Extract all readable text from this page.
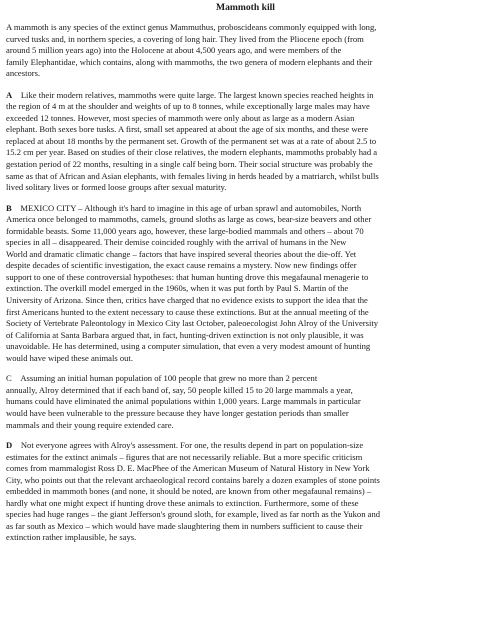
Mammoth kill
A mammoth is any species of the extinct genus Mammuthus, proboscideans commonly equipped with long,
curved tusks and, in northern species, a covering of long hair. They lived from the Pliocene epoch (from
around 5 million years ago) into the Holocene at about 4,500 years ago, and were members of the
family Elephantidae, which contains, along with mammoths, the two genera of modern elephants and their
ancestors.
A  Like their modern relatives, mammoths were quite large. The largest known species reached heights in
the region of 4 m at the shoulder and weights of up to 8 tonnes, while exceptionally large males may have
exceeded 12 tonnes. However, most species of mammoth were only about as large as a modern Asian
elephant. Both sexes bore tusks. A first, small set appeared at about the age of six months, and these were
replaced at about 18 months by the permanent set. Growth of the permanent set was at a rate of about 2.5 to
15.2 cm per year. Based on studies of their close relatives, the modern elephants, mammoths probably had a
gestation period of 22 months, resulting in a single calf being born. Their social structure was probably the
same as that of African and Asian elephants, with females living in herds headed by a matriarch, whilst bulls
lived solitary lives or formed loose groups after sexual maturity.
B  MEXICO CITY – Although it's hard to imagine in this age of urban sprawl and automobiles, North
America once belonged to mammoths, camels, ground sloths as large as cows, bear-size beavers and other
formidable beasts. Some 11,000 years ago, however, these large-bodied mammals and others – about 70
species in all – disappeared. Their demise coincided roughly with the arrival of humans in the New
World and dramatic climatic change – factors that have inspired several theories about the die-off. Yet
despite decades of scientific investigation, the exact cause remains a mystery. Now new findings offer
support to one of these controversial hypotheses: that human hunting drove this megafaunal menagerie to
extinction. The overkill model emerged in the 1960s, when it was put forth by Paul S. Martin of the
University of Arizona. Since then, critics have charged that no evidence exists to support the idea that the
first Americans hunted to the extent necessary to cause these extinctions. But at the annual meeting of the
Society of Vertebrate Paleontology in Mexico City last October, paleoecologist John Alroy of the University
of California at Santa Barbara argued that, in fact, hunting-driven extinction is not only plausible, it was
unavoidable. He has determined, using a computer simulation, that even a very modest amount of hunting
would have wiped these animals out.
C  Assuming an initial human population of 100 people that grew no more than 2 percent
annually, Alroy determined that if each band of, say, 50 people killed 15 to 20 large mammals a year,
humans could have eliminated the animal populations within 1,000 years. Large mammals in particular
would have been vulnerable to the pressure because they have longer gestation periods than smaller
mammals and their young require extended care.
D  Not everyone agrees with Alroy's assessment. For one, the results depend in part on population-size
estimates for the extinct animals – figures that are not necessarily reliable. But a more specific criticism
comes from mammalogist Ross D. E. MacPhee of the American Museum of Natural History in New York
City, who points out that the relevant archaeological record contains barely a dozen examples of stone points
embedded in mammoth bones (and none, it should be noted, are known from other megafaunal remains) –
hardly what one might expect if hunting drove these animals to extinction. Furthermore, some of these
species had huge ranges – the giant Jefferson's ground sloth, for example, lived as far north as the Yukon and
as far south as Mexico – which would have made slaughtering them in numbers sufficient to cause their
extinction rather implausible, he says.
